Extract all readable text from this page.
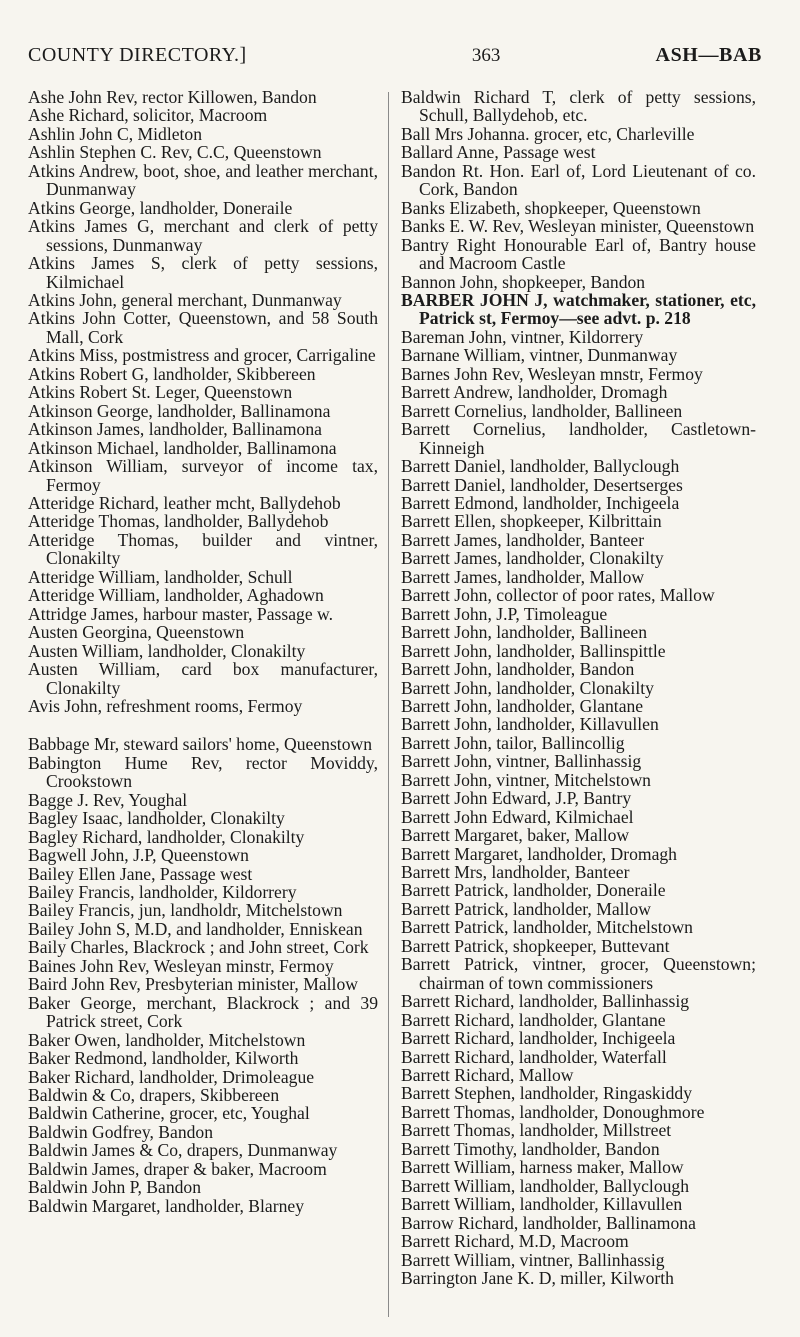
COUNTY DIRECTORY.]	363	ASH—BAB

Ashe John Rev, rector Killowen, Bandon

Ashe Richard, solicitor, Macroom

Ashlin John C, Midleton

Ashlin Stephen C. Rev, C.C, Queenstown

Atkins Andrew, boot, shoe, and leather merchant, Dunmanway

Atkins George, landholder, Doneraile

Atkins James G, merchant and clerk of petty sessions, Dunmanway

Atkins James S, clerk of petty sessions, Kilmichael

Atkins John, general merchant, Dunmanway

Atkins John Cotter, Queenstown, and 58 South Mall, Cork

Atkins Miss, postmistress and grocer, Carrigaline

Atkins Robert G, landholder, Skibbereen

Atkins Robert St. Leger, Queenstown

Atkinson George, landholder, Ballinamona

Atkinson James, landholder, Ballinamona

Atkinson Michael, landholder, Ballinamona

Atkinson William, surveyor of income tax, Fermoy

Atteridge Richard, leather mcht, Ballydehob

Atteridge Thomas, landholder, Ballydehob

Atteridge Thomas, builder and vintner, Clonakilty

Atteridge William, landholder, Schull

Atteridge William, landholder, Aghadown

Attridge James, harbour master, Passage w.

Austen Georgina, Queenstown

Austen William, landholder, Clonakilty

Austen William, card box manufacturer, Clonakilty

Avis John, refreshment rooms, Fermoy

Babbage Mr, steward sailors' home, Queenstown

Babington Hume Rev, rector Moviddy, Crookstown

Bagge J. Rev, Youghal

Bagley Isaac, landholder, Clonakilty

Bagley Richard, landholder, Clonakilty

Bagwell John, J.P, Queenstown

Bailey Ellen Jane, Passage west

Bailey Francis, landholder, Kildorrery

Bailey Francis, jun, landholdr, Mitchelstown

Bailey John S, M.D, and landholder, Enniskean

Baily Charles, Blackrock ; and John street, Cork

Baines John Rev, Wesleyan minstr, Fermoy

Baird John Rev, Presbyterian minister, Mallow

Baker George, merchant, Blackrock ; and 39 Patrick street, Cork

Baker Owen, landholder, Mitchelstown

Baker Redmond, landholder, Kilworth

Baker Richard, landholder, Drimoleague

Baldwin & Co, drapers, Skibbereen

Baldwin Catherine, grocer, etc, Youghal

Baldwin Godfrey, Bandon

Baldwin James & Co, drapers, Dunmanway

Baldwin James, draper & baker, Macroom

Baldwin John P, Bandon

Baldwin Margaret, landholder, Blarney

Baldwin Richard T, clerk of petty sessions, Schull, Ballydehob, etc.

Ball Mrs Johanna. grocer, etc, Charleville

Ballard Anne, Passage west

Bandon Rt. Hon. Earl of, Lord Lieutenant of co. Cork, Bandon

Banks Elizabeth, shopkeeper, Queenstown

Banks E. W. Rev, Wesleyan minister, Queenstown

Bantry Right Honourable Earl of, Bantry house and Macroom Castle

Bannon John, shopkeeper, Bandon

BARBER JOHN J, watchmaker, stationer, etc, Patrick st, Fermoy—see advt. p. 218

Bareman John, vintner, Kildorrery

Barnane William, vintner, Dunmanway

Barnes John Rev, Wesleyan mnstr, Fermoy

Barrett Andrew, landholder, Dromagh

Barrett Cornelius, landholder, Ballineen

Barrett Cornelius, landholder, Castletown-Kinneigh

Barrett Daniel, landholder, Ballyclough

Barrett Daniel, landholder, Desertserges

Barrett Edmond, landholder, Inchigeela

Barrett Ellen, shopkeeper, Kilbrittain

Barrett James, landholder, Banteer

Barrett James, landholder, Clonakilty

Barrett James, landholder, Mallow

Barrett John, collector of poor rates, Mallow

Barrett John, J.P, Timoleague

Barrett John, landholder, Ballineen

Barrett John, landholder, Ballinspittle

Barrett John, landholder, Bandon

Barrett John, landholder, Clonakilty

Barrett John, landholder, Glantane

Barrett John, landholder, Killavullen

Barrett John, tailor, Ballincollig

Barrett John, vintner, Ballinhassig

Barrett John, vintner, Mitchelstown

Barrett John Edward, J.P, Bantry

Barrett John Edward, Kilmichael

Barrett Margaret, baker, Mallow

Barrett Margaret, landholder, Dromagh

Barrett Mrs, landholder, Banteer

Barrett Patrick, landholder, Doneraile

Barrett Patrick, landholder, Mallow

Barrett Patrick, landholder, Mitchelstown

Barrett Patrick, shopkeeper, Buttevant

Barrett Patrick, vintner, grocer, Queenstown; chairman of town commissioners

Barrett Richard, landholder, Ballinhassig

Barrett Richard, landholder, Glantane

Barrett Richard, landholder, Inchigeela

Barrett Richard, landholder, Waterfall

Barrett Richard, Mallow

Barrett Stephen, landholder, Ringaskiddy

Barrett Thomas, landholder, Donoughmore

Barrett Thomas, landholder, Millstreet

Barrett Timothy, landholder, Bandon

Barrett William, harness maker, Mallow

Barrett William, landholder, Ballyclough

Barrett William, landholder, Killavullen

Barrow Richard, landholder, Ballinamona

Barrett Richard, M.D, Macroom

Barrett William, vintner, Ballinhassig

Barrington Jane K. D, miller, Kilworth
